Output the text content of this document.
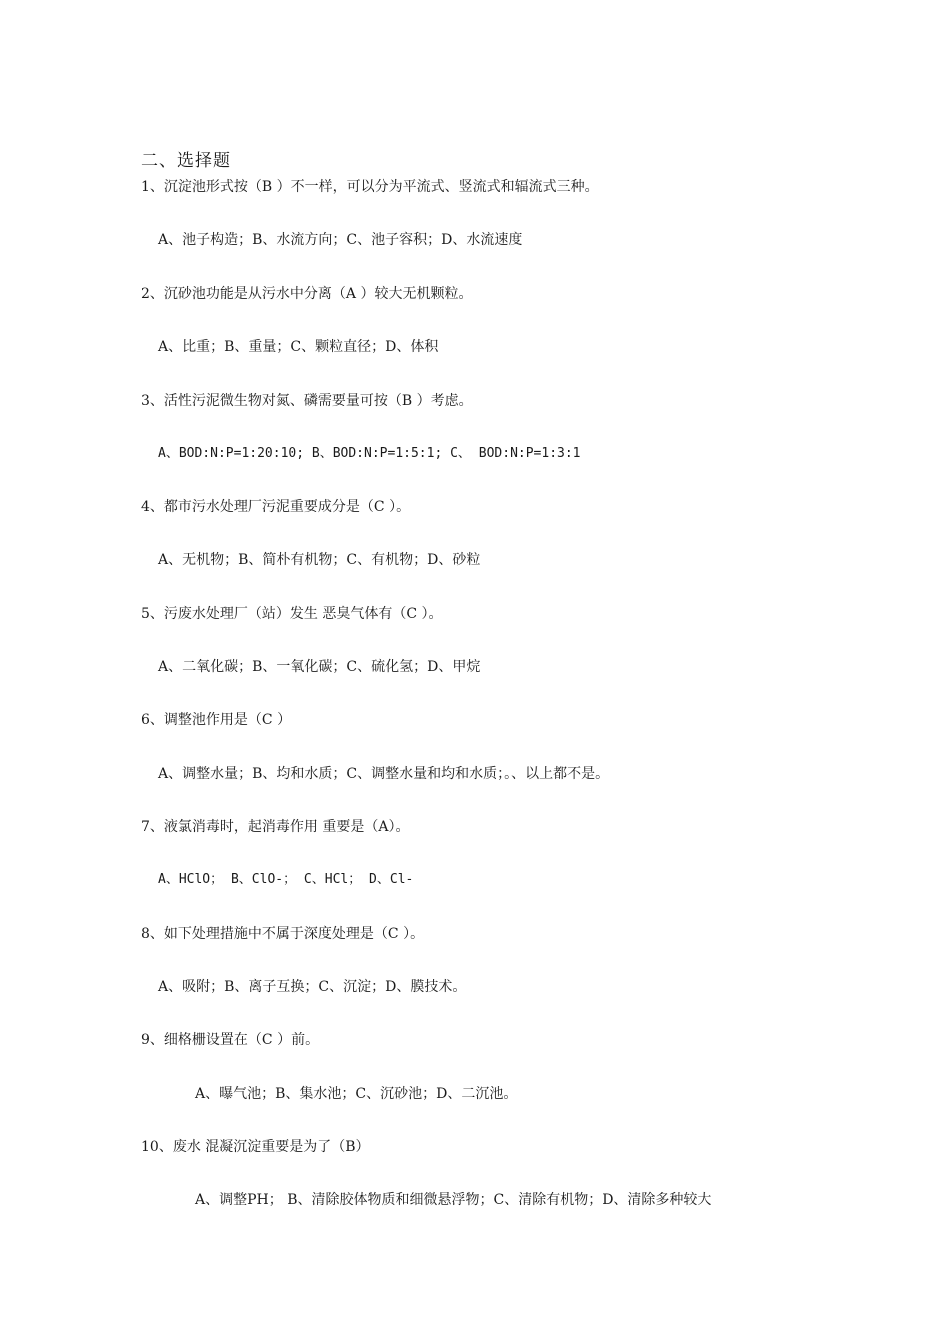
二、选择题
1、沉淀池形式按（B ）不一样，可以分为平流式、竖流式和辐流式三种。
A、池子构造；B、水流方向；C、池子容积；D、水流速度
2、沉砂池功能是从污水中分离（A ）较大无机颗粒。
A、比重；B、重量；C、颗粒直径；D、体积
3、活性污泥微生物对氮、磷需要量可按（B ）考虑。
A、BOD:N:P=1:20:10; B、BOD:N:P=1:5:1; C、 BOD:N:P=1:3:1
4、都市污水处理厂污泥重要成分是（C ）。
A、无机物；B、简朴有机物；C、有机物；D、砂粒
5、污废水处理厂（站）发生 恶臭气体有（C ）。
A、二氧化碳；B、一氧化碳；C、硫化氢；D、甲烷
6、调整池作用是（C ）
A、调整水量；B、均和水质；C、调整水量和均和水质；。、以上都不是。
7、液氯消毒时，起消毒作用 重要是（A）。
A、HClO； B、ClO-； C、HCl； D、Cl-
8、如下处理措施中不属于深度处理是（C ）。
A、吸附；B、离子互换；C、沉淀；D、膜技术。
9、细格栅设置在（C ）前。
A、曝气池；B、集水池；C、沉砂池；D、二沉池。
10、废水 混凝沉淀重要是为了（B）
A、调整PH； B、清除胶体物质和细微悬浮物；C、清除有机物；D、清除多种较大
